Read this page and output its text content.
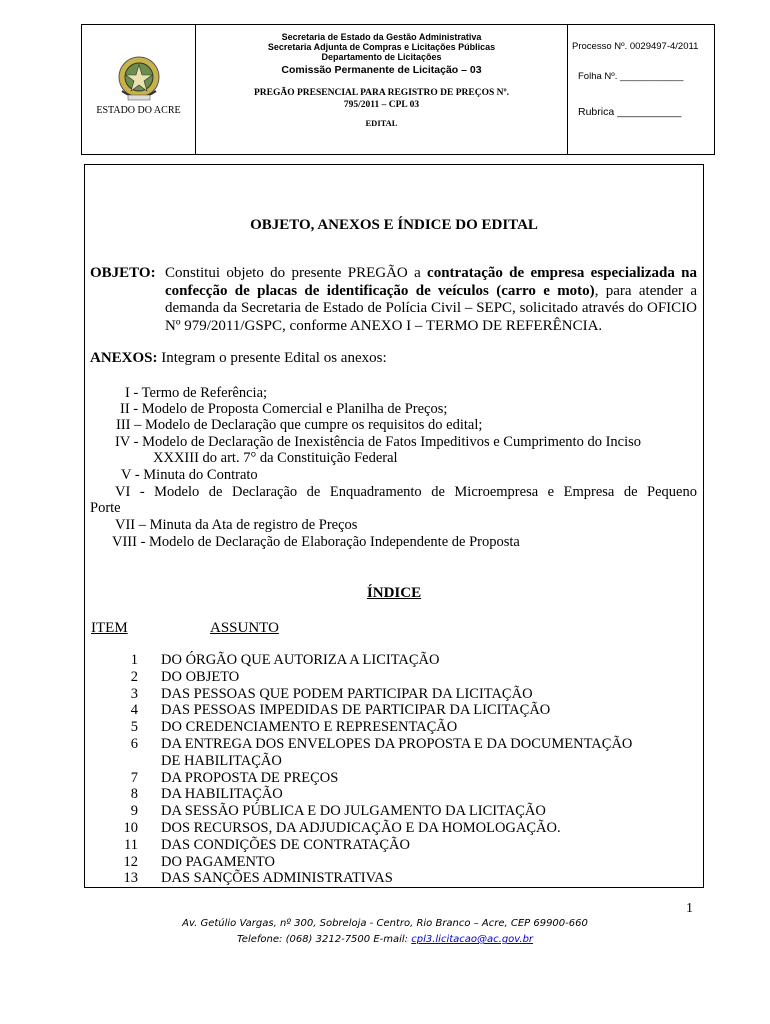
ESTADO DO ACRE
Secretaria de Estado da Gestão Administrativa
Secretaria Adjunta de Compras e Licitações Públicas
Departamento de Licitações
Comissão Permanente de Licitação – 03
PREGÃO PRESENCIAL PARA REGISTRO DE PREÇOS Nº.
795/2011 – CPL 03
EDITAL
Processo Nº. 0029497-4/2011
Folha Nº. ____________
Rubrica ___________
OBJETO, ANEXOS E ÍNDICE DO EDITAL
OBJETO: Constitui objeto do presente PREGÃO a contratação de empresa especializada na confecção de placas de identificação de veículos (carro e moto), para atender a demanda da Secretaria de Estado de Polícia Civil – SEPC, solicitado através do OFICIO Nº 979/2011/GSPC, conforme ANEXO I – TERMO DE REFERÊNCIA.
ANEXOS: Integram o presente Edital os anexos:
I - Termo de Referência;
II - Modelo de Proposta Comercial e Planilha de Preços;
III – Modelo de Declaração que cumpre os requisitos do edital;
IV - Modelo de Declaração de Inexistência de Fatos Impeditivos e Cumprimento do Inciso
XXXIII do art. 7° da Constituição Federal
V - Minuta do Contrato
VI - Modelo de Declaração de Enquadramento de Microempresa e Empresa de Pequeno
Porte
VII – Minuta da Ata de registro de Preços
VIII - Modelo de Declaração de Elaboração Independente de Proposta
ÍNDICE
ITEM	ASSUNTO
1 DO ÓRGÃO QUE AUTORIZA A LICITAÇÃO
2 DO OBJETO
3 DAS PESSOAS QUE PODEM PARTICIPAR DA LICITAÇÃO
4 DAS PESSOAS IMPEDIDAS DE PARTICIPAR DA LICITAÇÃO
5 DO CREDENCIAMENTO E REPRESENTAÇÃO
6 DA ENTREGA DOS ENVELOPES DA PROPOSTA E DA DOCUMENTAÇÃO
DE HABILITAÇÃO
7 DA PROPOSTA DE PREÇOS
8 DA HABILITAÇÃO
9 DA SESSÃO PÚBLICA E DO JULGAMENTO DA LICITAÇÃO
10 DOS RECURSOS, DA ADJUDICAÇÃO E DA HOMOLOGAÇÃO.
11 DAS CONDIÇÕES DE CONTRATAÇÃO
12 DO PAGAMENTO
13 DAS SANÇÕES ADMINISTRATIVAS
1
Av. Getúlio Vargas, nº 300, Sobreloja - Centro, Rio Branco – Acre, CEP 69900-660
Telefone: (068) 3212-7500 E-mail: cpl3.licitacao@ac.gov.br
